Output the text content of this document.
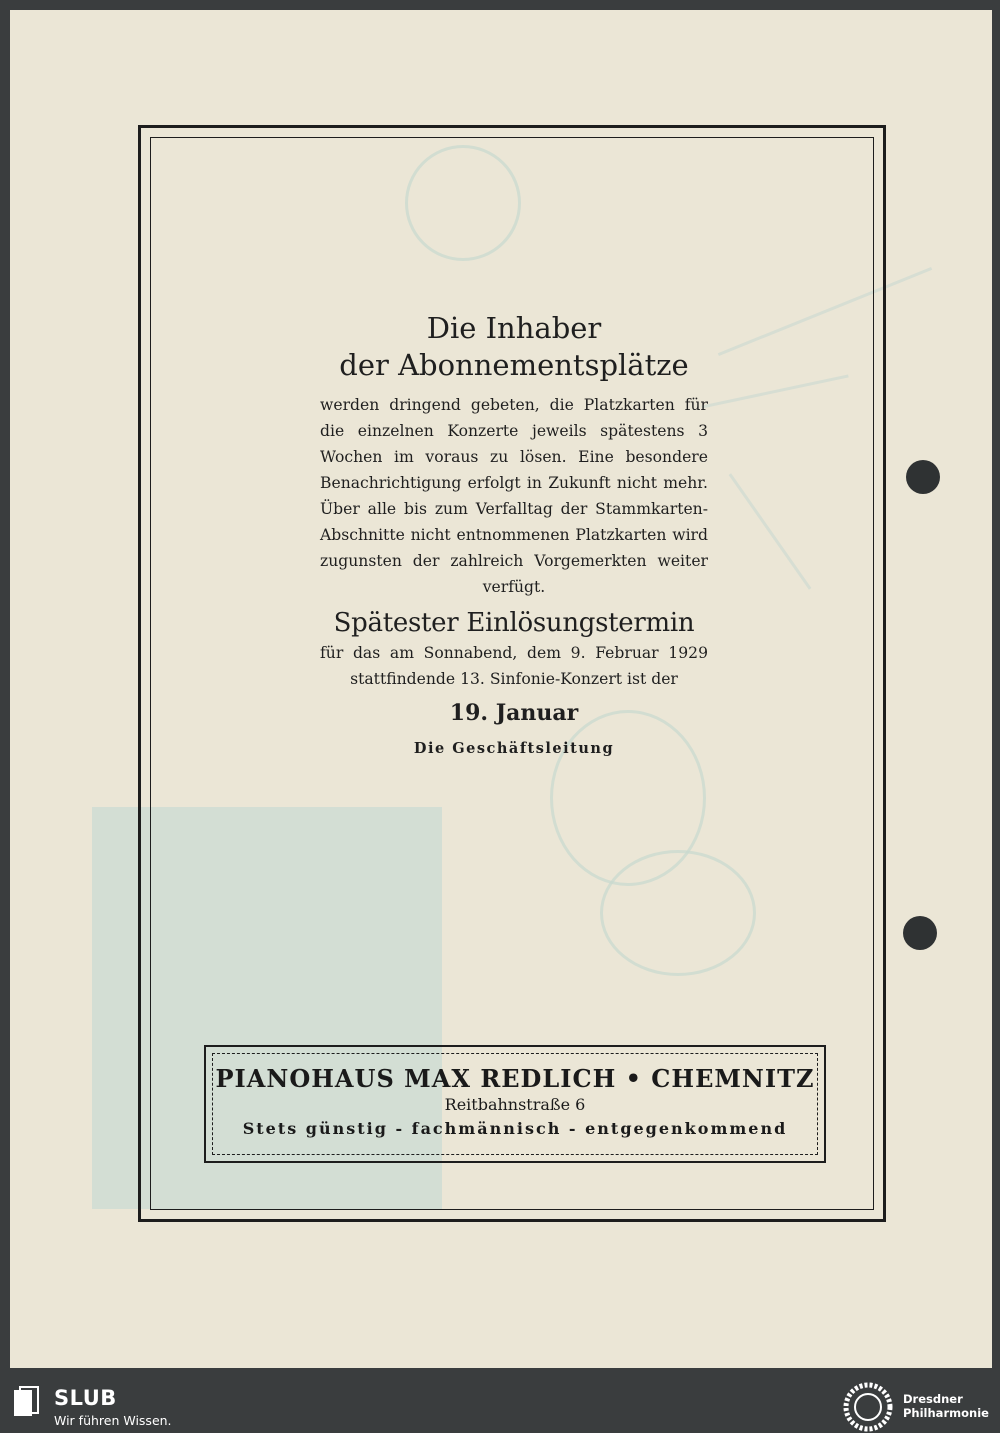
Die Inhaber
der Abonnementsplätze
werden dringend gebeten, die Platzkarten für die einzelnen Konzerte jeweils spätestens 3 Wochen im voraus zu lösen. Eine besondere Benachrichtigung erfolgt in Zukunft nicht mehr. Über alle bis zum Verfalltag der Stammkarten-Abschnitte nicht entnommenen Platzkarten wird zugunsten der zahlreich Vorgemerkten weiter verfügt.
Spätester Einlösungstermin
für das am Sonnabend, dem 9. Februar 1929 stattfindende 13. Sinfonie-Konzert ist der
19. Januar
Die Geschäftsleitung
PIANOHAUS MAX REDLICH • CHEMNITZ
Reitbahnstraße 6
Stets günstig - fachmännisch - entgegenkommend
SLUB
Wir führen Wissen.
Dresdner
Philharmonie
